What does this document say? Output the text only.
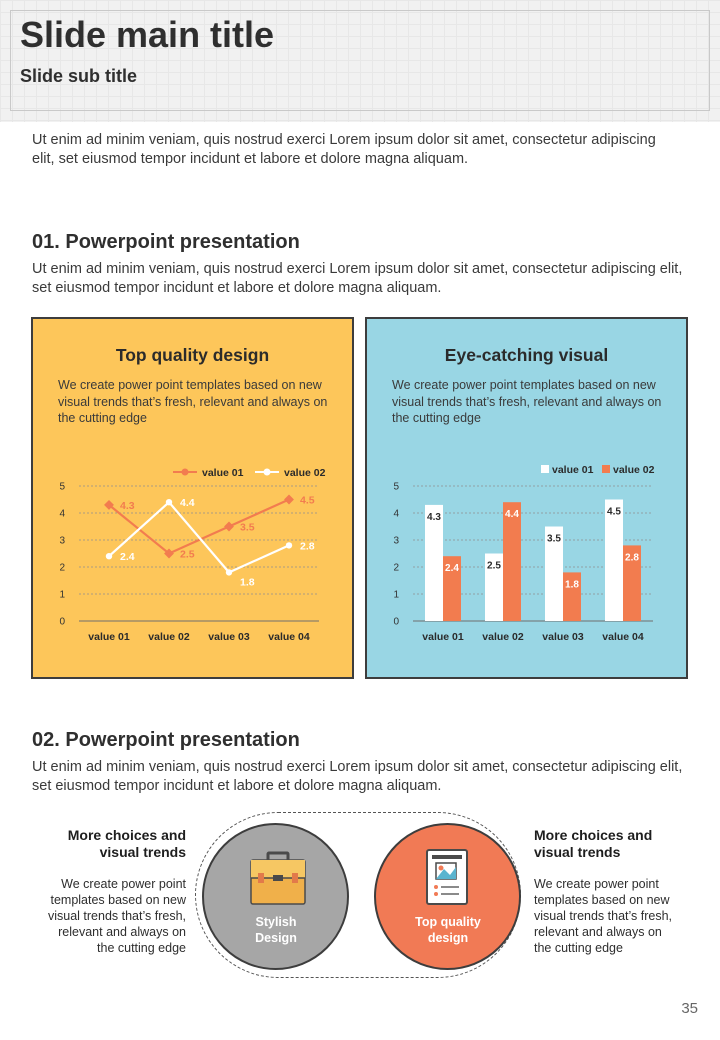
Slide main title
Slide sub title
Ut enim ad minim veniam, quis nostrud exerci Lorem ipsum dolor sit amet, consectetur adipiscing elit, set eiusmod tempor incidunt et labore et dolore magna aliquam.
01. Powerpoint presentation
Ut enim ad minim veniam, quis nostrud exerci Lorem ipsum dolor sit amet, consectetur adipiscing elit, set eiusmod tempor incidunt et labore et dolore magna aliquam.
Top quality design
We create power point templates based on new visual trends that’s fresh, relevant and always on the cutting edge
0
1
2
3
4
5
value 01 value 02 value 03 value 04
value 01	value 02
4.3
2.5
3.5
4.5
2.4
4.4
1.8
2.8
Eye-catching visual
We create power point templates based on new visual trends that’s fresh, relevant and always on the cutting edge
0
1
2
3
4
5
value 01 value 02 value 03 value 04
value 01 value 02
4.3
2.4	2.5
4.4
3.5
1.8
4.5
2.8
02. Powerpoint presentation
Ut enim ad minim veniam, quis nostrud exerci Lorem ipsum dolor sit amet, consectetur adipiscing elit, set eiusmod tempor incidunt et labore et dolore magna aliquam.
More choices and
visual trends
We create power point
templates based on new
visual trends that’s fresh,
relevant and always on
the cutting edge
Stylish
Design
Top quality
design
More choices and
visual trends
We create power point
templates based on new
visual trends that’s fresh,
relevant and always on
the cutting edge
35
